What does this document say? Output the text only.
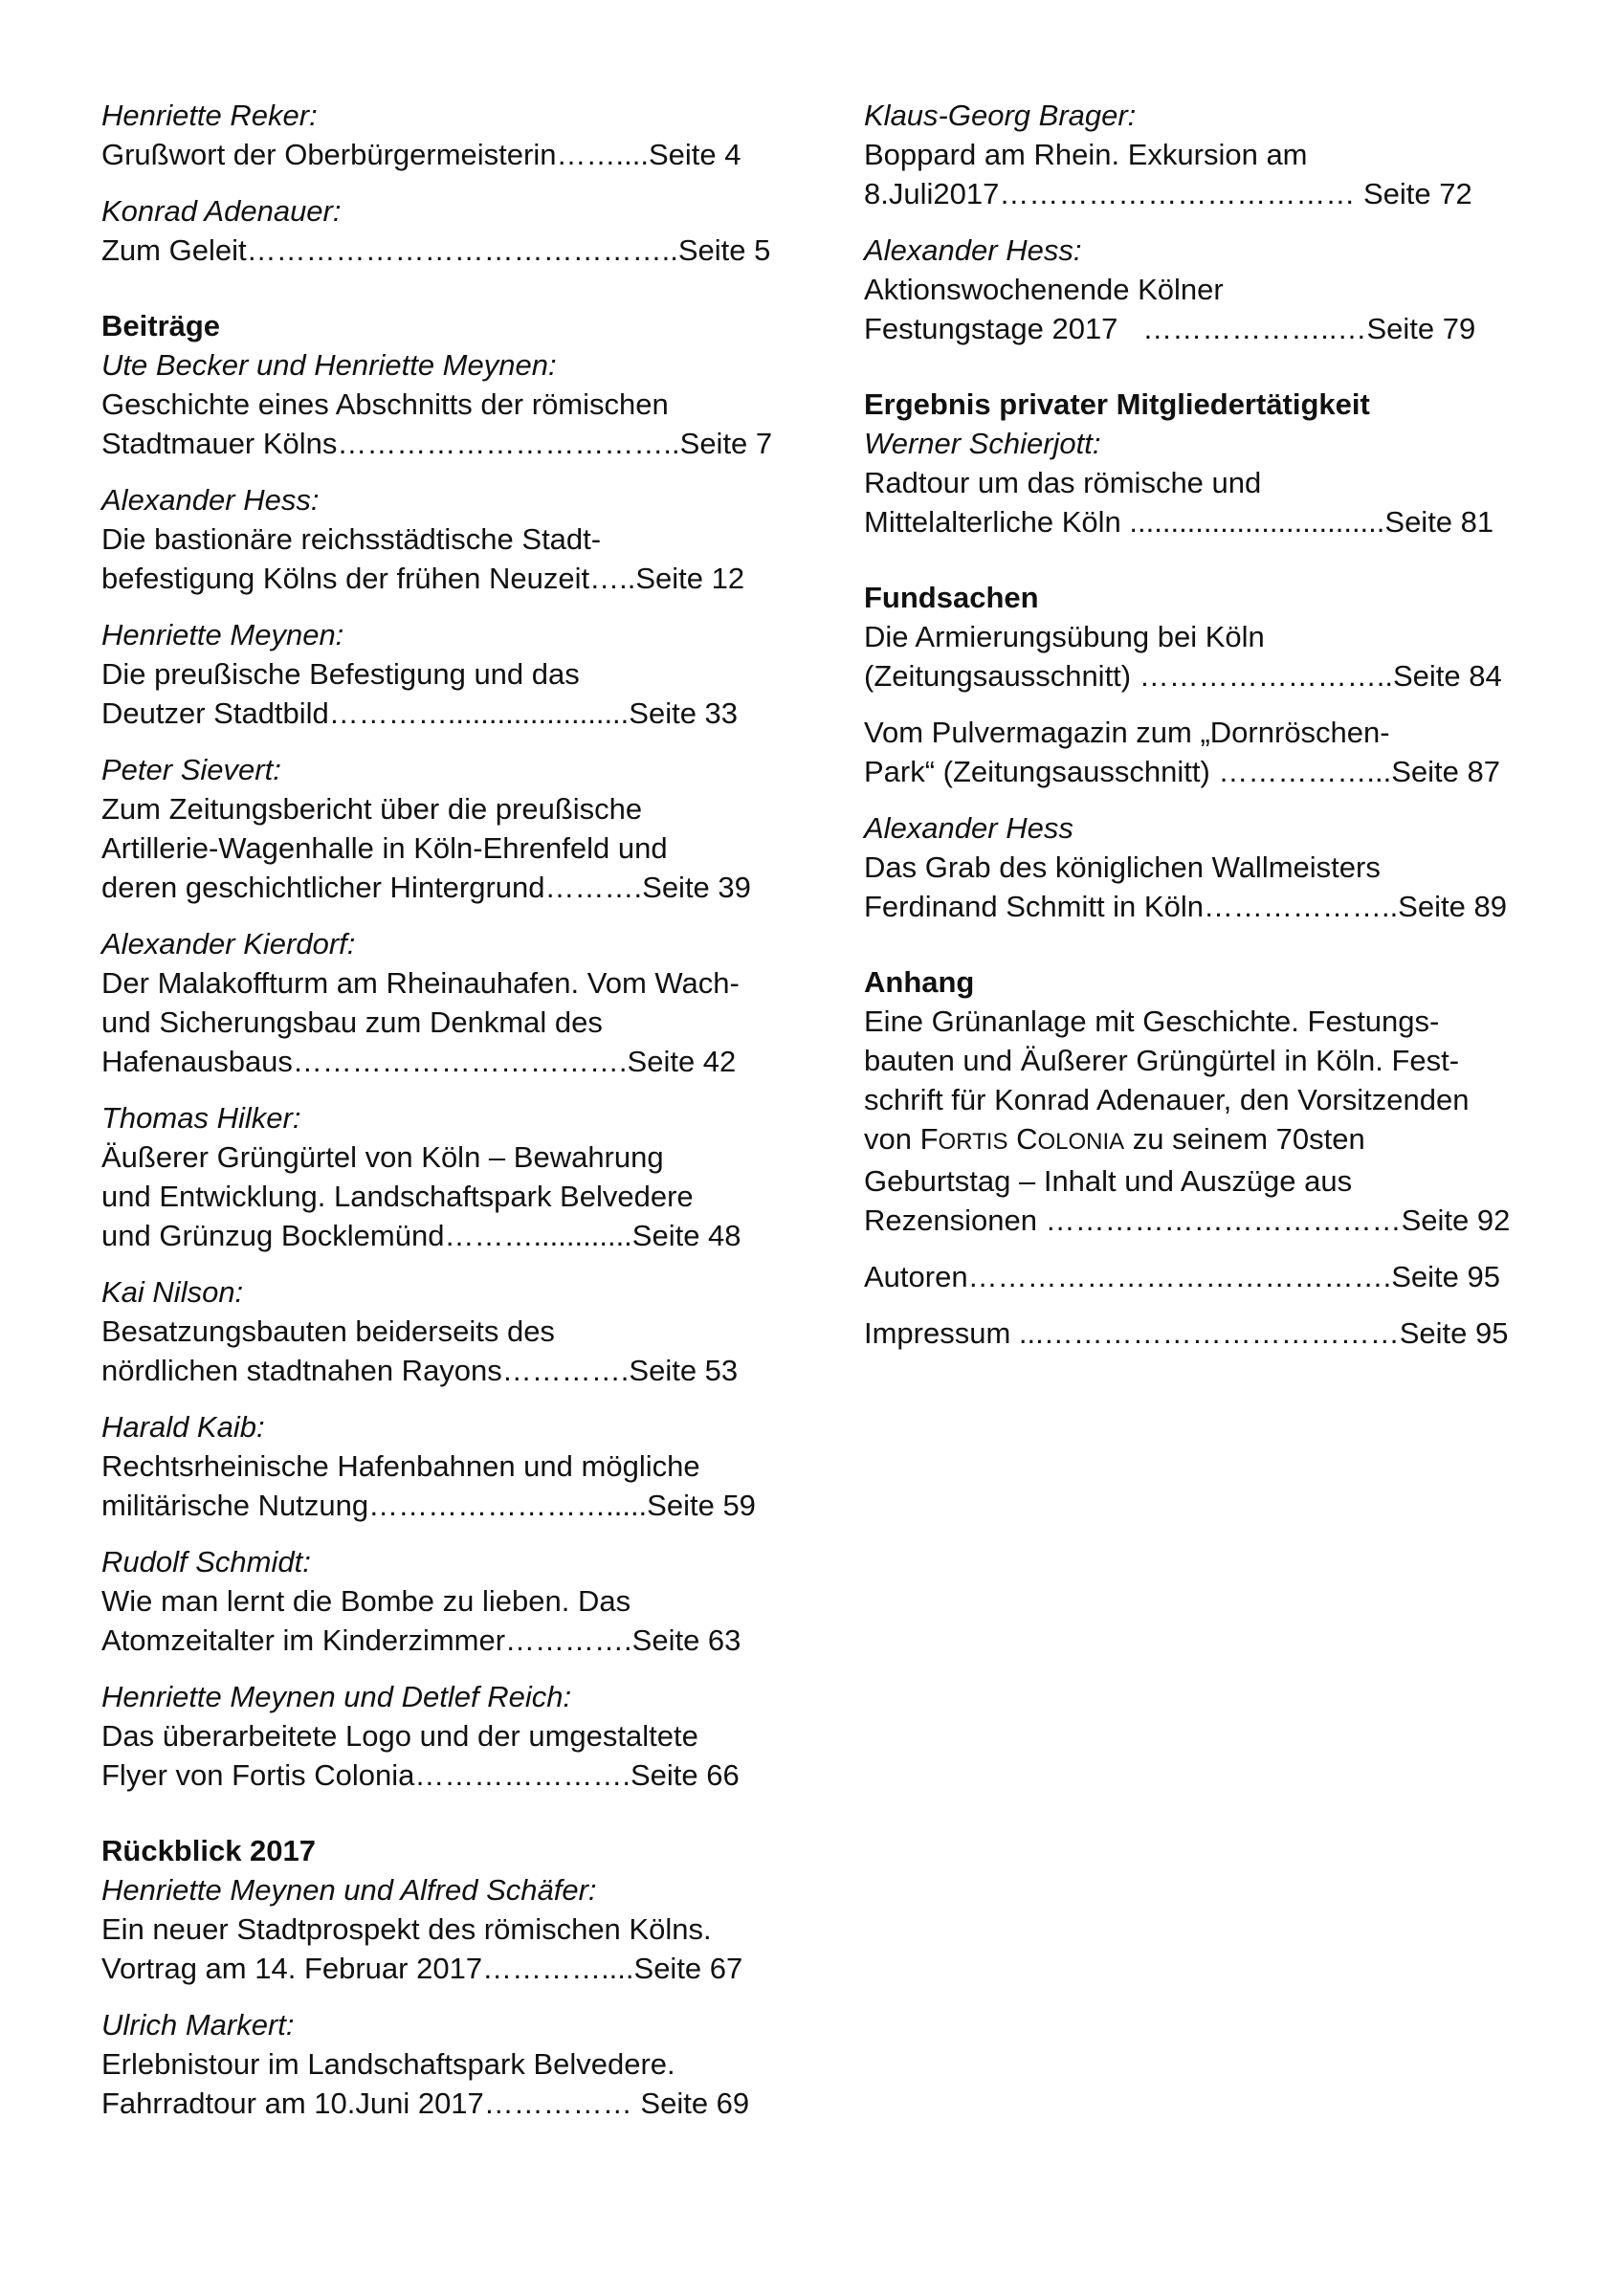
Henriette Reker:
Grußwort der Oberbürgermeisterin……....Seite 4
Konrad Adenauer:
Zum Geleit……………………………………..Seite 5
Beiträge
Ute Becker und Henriette Meynen:
Geschichte eines Abschnitts der römischen
Stadtmauer Kölns……………………………..Seite 7
Alexander Hess:
Die bastionäre reichsstädtische Stadt-
befestigung Kölns der frühen Neuzeit…..Seite 12
Henriette Meynen:
Die preußische Befestigung und das
Deutzer Stadtbild…………......................Seite 33
Peter Sievert:
Zum Zeitungsbericht über die preußische
Artillerie-Wagenhalle in Köln-Ehrenfeld und
deren geschichtlicher Hintergrund……….Seite 39
Alexander Kierdorf:
Der Malakoffturm am Rheinauhafen. Vom Wach-
und Sicherungsbau zum Denkmal des
Hafenausbaus…………………………….Seite 42
Thomas Hilker:
Äußerer Grüngürtel von Köln – Bewahrung
und Entwicklung. Landschaftspark Belvedere
und Grünzug Bocklemünd………............Seite 48
Kai Nilson:
Besatzungsbauten beiderseits des
nördlichen stadtnahen Rayons………….Seite 53
Harald Kaib:
Rechtsrheinische Hafenbahnen und mögliche
militärische Nutzung…………………….....Seite 59
Rudolf Schmidt:
Wie man lernt die Bombe zu lieben. Das
Atomzeitalter im Kinderzimmer………….Seite 63
Henriette Meynen und Detlef Reich:
Das überarbeitete Logo und der umgestaltete
Flyer von Fortis Colonia………………….Seite 66
Rückblick 2017
Henriette Meynen und Alfred Schäfer:
Ein neuer Stadtprospekt des römischen Kölns.
Vortrag am 14. Februar 2017…………....Seite 67
Ulrich Markert:
Erlebnistour im Landschaftspark Belvedere.
Fahrradtour am 10.Juni 2017…………… Seite 69
Klaus-Georg Brager:
Boppard am Rhein. Exkursion am
8.Juli2017……………………………… Seite 72
Alexander Hess:
Aktionswochenende Kölner
Festungstage 2017   ………………..…Seite 79
Ergebnis privater Mitgliedertätigkeit
Werner Schierjott:
Radtour um das römische und
Mittelalterliche Köln ...............................Seite 81
Fundsachen
Die Armierungsübung bei Köln
(Zeitungsausschnitt) ……………………..Seite 84
Vom Pulvermagazin zum „Dornröschen-
Park“ (Zeitungsausschnitt) ……………...Seite 87
Alexander Hess
Das Grab des königlichen Wallmeisters
Ferdinand Schmitt in Köln………………..Seite 89
Anhang
Eine Grünanlage mit Geschichte. Festungs-
bauten und Äußerer Grüngürtel in Köln. Fest-
schrift für Konrad Adenauer, den Vorsitzenden
von FORTIS COLONIA zu seinem 70sten
Geburtstag – Inhalt und Auszüge aus
Rezensionen ………………………………Seite 92
Autoren…………………………………….Seite 95
Impressum ...………………………………Seite 95
